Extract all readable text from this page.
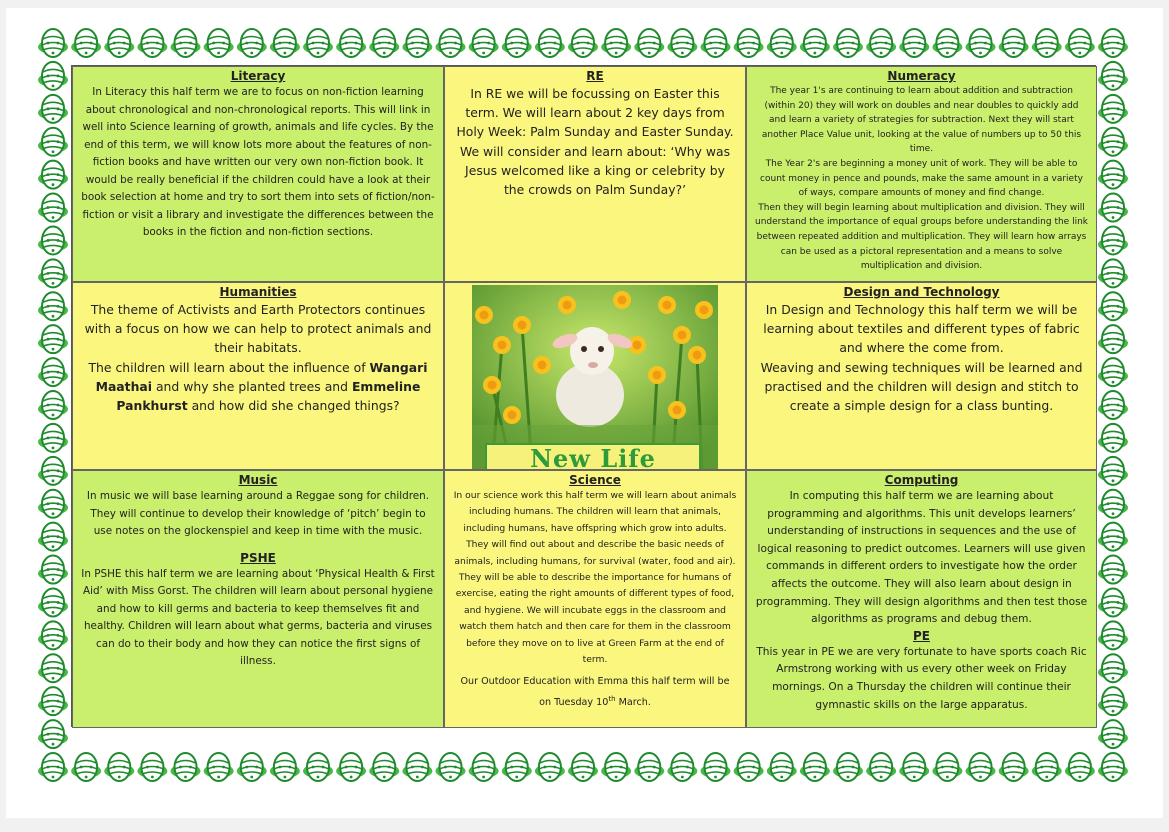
Literacy

In Literacy this half term we are to focus on non-fiction learning about chronological and non-chronological reports. This will link in well into Science learning of growth, animals and life cycles. By the end of this term, we will know lots more about the features of non-fiction books and have written our very own non-fiction book. It would be really beneficial if the children could have a look at their book selection at home and try to sort them into sets of fiction/non-fiction or visit a library and investigate the differences between the books in the fiction and non-fiction sections.

RE

In RE we will be focussing on Easter this term. We will learn about 2 key days from Holy Week: Palm Sunday and Easter Sunday. We will consider and learn about: ‘Why was Jesus welcomed like a king or celebrity by the crowds on Palm Sunday?’

Numeracy

The year 1's are continuing to learn about addition and subtraction (within 20) they will work on doubles and near doubles to quickly add and learn a variety of strategies for subtraction. Next they will start another Place Value unit, looking at the value of numbers up to 50 this time.

The Year 2's are beginning a money unit of work. They will be able to count money in pence and pounds, make the same amount in a variety of ways, compare amounts of money and find change.

Then they will begin learning about multiplication and division. They will understand the importance of equal groups before understanding the link between repeated addition and multiplication. They will learn how arrays can be used as a pictoral representation and a means to solve multiplication and division.

Humanities

The theme of Activists and Earth Protectors continues with a focus on how we can help to protect animals and their habitats.

The children will learn about the influence of Wangari Maathai and why she planted trees and Emmeline Pankhurst and how did she changed things?

New Life
Design and Technology

In Design and Technology this half term we will be learning about textiles and different types of fabric and where the come from.

Weaving and sewing techniques will be learned and practised and the children will design and stitch to create a simple design for a class bunting.

Music

In music we will base learning around a Reggae song for children. They will continue to develop their knowledge of ‘pitch’ begin to use notes on the glockenspiel and keep in time with the music.

PSHE

In PSHE this half term we are learning about ‘Physical Health & First Aid’ with Miss Gorst. The children will learn about personal hygiene and how to kill germs and bacteria to keep themselves fit and healthy. Children will learn about what germs, bacteria and viruses can do to their body and how they can notice the first signs of illness.

Science

In our science work this half term we will learn about animals including humans. The children will learn that animals, including humans, have offspring which grow into adults. They will find out about and describe the basic needs of animals, including humans, for survival (water, food and air). They will be able to describe the importance for humans of exercise, eating the right amounts of different types of food, and hygiene. We will incubate eggs in the classroom and watch them hatch and then care for them in the classroom before they move on to live at Green Farm at the end of term.

Our Outdoor Education with Emma this half term will be on Tuesday 10th March.

Computing

In computing this half term we are learning about programming and algorithms. This unit develops learners’ understanding of instructions in sequences and the use of logical reasoning to predict outcomes. Learners will use given commands in different orders to investigate how the order affects the outcome. They will also learn about design in programming. They will design algorithms and then test those algorithms as programs and debug them.

PE

This year in PE we are very fortunate to have sports coach Ric Armstrong working with us every other week on Friday mornings. On a Thursday the children will continue their gymnastic skills on the large apparatus.
